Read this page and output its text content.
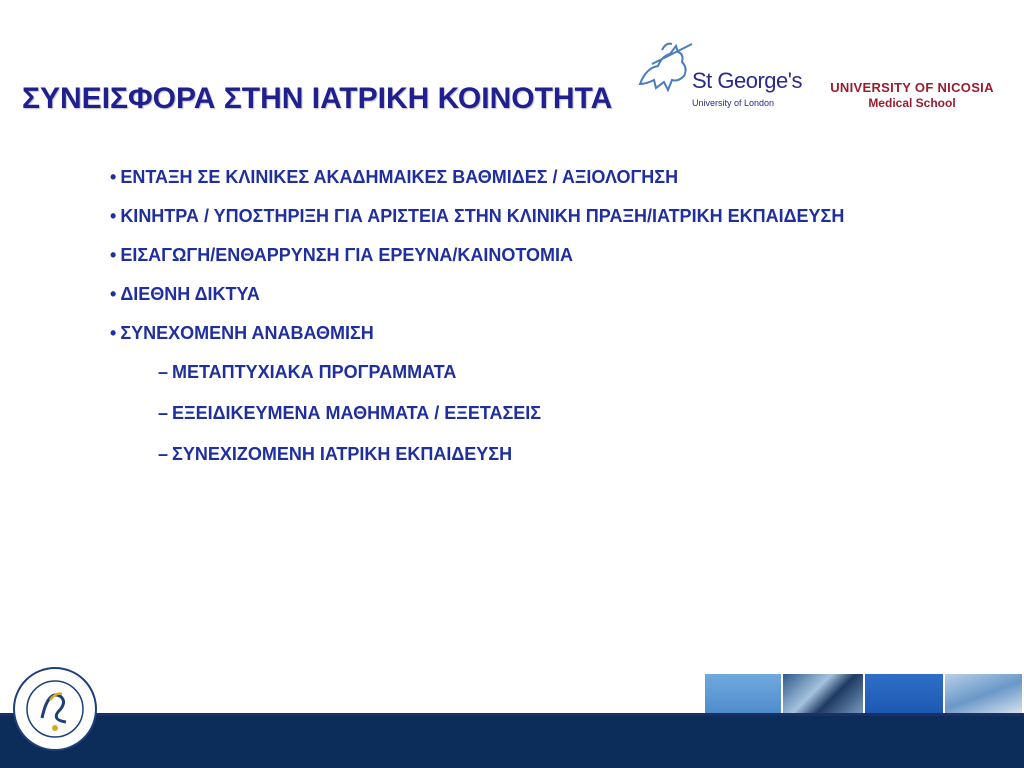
ΣΥΝΕΙΣΦΟΡΑ ΣΤΗΝ ΙΑΤΡΙΚΗ ΚΟΙΝΟΤΗΤΑ
St George's
University of London
UNIVERSITY OF NICOSIA
Medical School
• ΕΝΤΑΞΗ ΣΕ ΚΛΙΝΙΚΕΣ ΑΚΑΔΗΜΑΙΚΕΣ ΒΑΘΜΙΔΕΣ / ΑΞΙΟΛΟΓΗΣΗ
• ΚΙΝΗΤΡΑ / ΥΠΟΣΤΗΡΙΞΗ ΓΙΑ ΑΡΙΣΤΕΙΑ ΣΤΗΝ ΚΛΙΝΙΚΗ ΠΡΑΞΗ/ΙΑΤΡΙΚΗ ΕΚΠΑΙΔΕΥΣΗ
• ΕΙΣΑΓΩΓΗ/ΕΝΘΑΡΡΥΝΣΗ ΓΙΑ ΕΡΕΥΝΑ/ΚΑΙΝΟΤΟΜΙΑ
• ΔΙΕΘΝΗ ΔΙΚΤΥΑ
• ΣΥΝΕΧΟΜΕΝΗ ΑΝΑΒΑΘΜΙΣΗ
– ΜΕΤΑΠΤΥΧΙΑΚΑ ΠΡΟΓΡΑΜΜΑΤΑ
– ΕΞΕΙΔΙΚΕΥΜΕΝΑ ΜΑΘΗΜΑΤΑ / ΕΞΕΤΑΣΕΙΣ
– ΣΥΝΕΧΙΖΟΜΕΝΗ ΙΑΤΡΙΚΗ ΕΚΠΑΙΔΕΥΣΗ
